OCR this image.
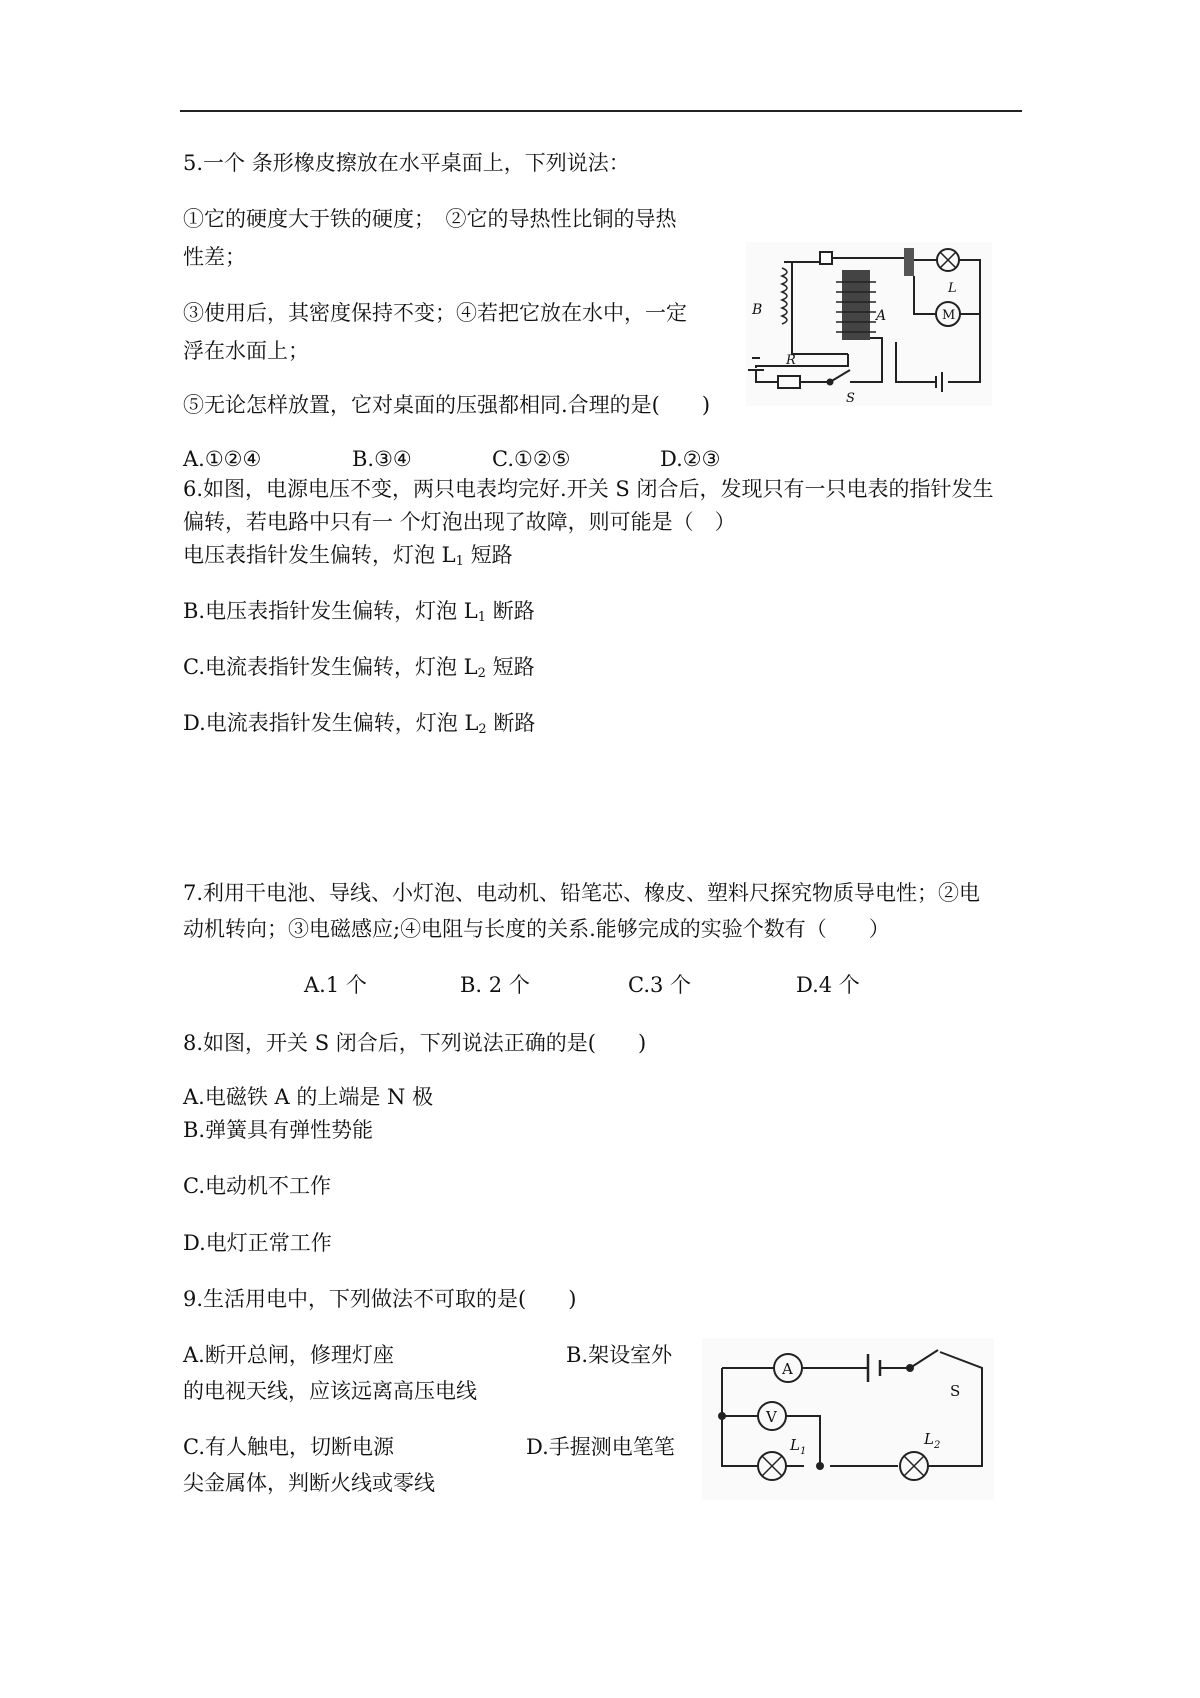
5.一个 条形橡皮擦放在水平桌面上，下列说法：
①它的硬度大于铁的硬度；　②它的导热性比铜的导热
性差；
③使用后，其密度保持不变；④若把它放在水中，一定
浮在水面上；
⑤无论怎样放置，它对桌面的压强都相同.合理的是(　　)
A.①②④	B.③④	C.①②⑤	D.②③
B	A
L
M
R
S
6.如图，电源电压不变，两只电表均完好.开关 S 闭合后，发现只有一只电表的指针发生
偏转，若电路中只有一 个灯泡出现了故障，则可能是（　）
电压表指针发生偏转，灯泡 $L_1$ 短路
B.电压表指针发生偏转，灯泡 $L_1$ 断路
C.电流表指针发生偏转，灯泡 $L_2$ 短路
D.电流表指针发生偏转，灯泡 $L_2$ 断路
7.利用干电池、导线、小灯泡、电动机、铅笔芯、橡皮、塑料尺探究物质导电性；②电
动机转向；③电磁感应;④电阻与长度的关系.能够完成的实验个数有（　　）
A.1 个	B. 2 个	C.3 个	D.4 个
8.如图，开关 S 闭合后，下列说法正确的是(　　)
A.电磁铁 A 的上端是 N 极
B.弹簧具有弹性势能
C.电动机不工作
D.电灯正常工作
9.生活用电中，下列做法不可取的是(　　)
A.断开总闸，修理灯座	B.架设室外
的电视天线，应该远离高压电线
C.有人触电，切断电源	D.手握测电笔笔
尖金属体，判断火线或零线
A
S
V
$L_1$
$L_2$
